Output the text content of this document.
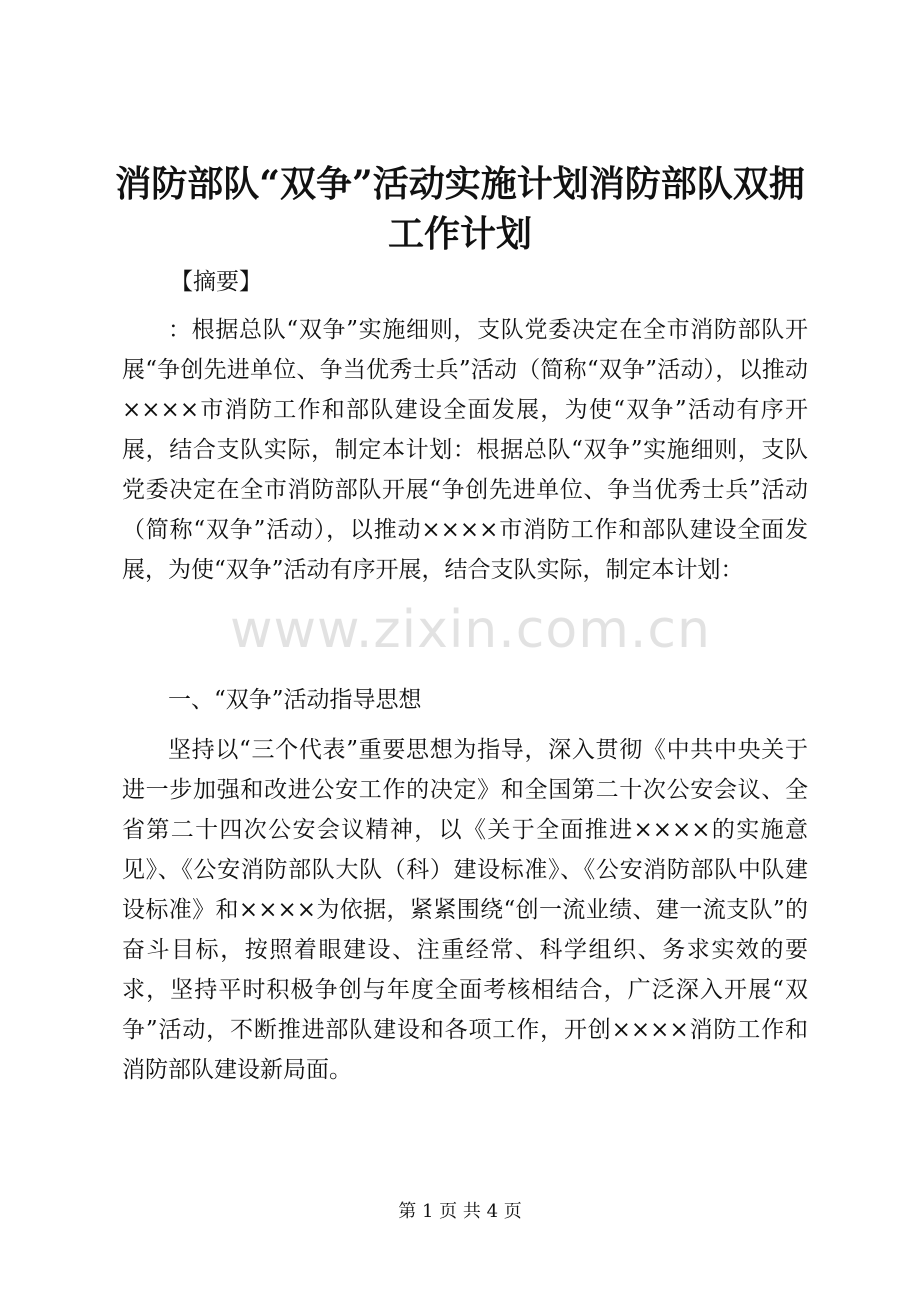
消防部队“双争”活动实施计划消防部队双拥
工作计划
【摘要】
：根据总队“双争”实施细则，支队党委决定在全市消防部队开展“争创先进单位、争当优秀士兵”活动（简称“双争”活动），以推动××××市消防工作和部队建设全面发展，为使“双争”活动有序开展，结合支队实际，制定本计划：根据总队“双争”实施细则，支队党委决定在全市消防部队开展“争创先进单位、争当优秀士兵”活动（简称“双争”活动），以推动××××市消防工作和部队建设全面发展，为使“双争”活动有序开展，结合支队实际，制定本计划：
一、“双争”活动指导思想
坚持以“三个代表”重要思想为指导，深入贯彻《中共中央关于进一步加强和改进公安工作的决定》和全国第二十次公安会议、全省第二十四次公安会议精神，以《关于全面推进××××的实施意见》、《公安消防部队大队（科）建设标准》、《公安消防部队中队建设标准》和××××为依据，紧紧围绕“创一流业绩、建一流支队”的奋斗目标，按照着眼建设、注重经常、科学组织、务求实效的要求，坚持平时积极争创与年度全面考核相结合，广泛深入开展“双争”活动，不断推进部队建设和各项工作，开创××××消防工作和消防部队建设新局面。
www.zixin.com.cn
第 1 页 共 4 页
